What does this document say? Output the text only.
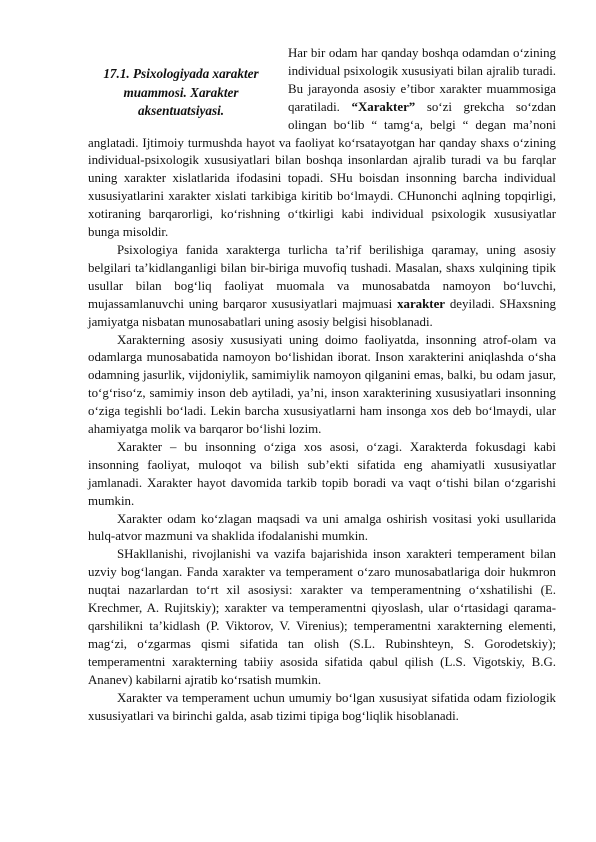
17.1. Psixologiyada xarakter muammosi. Xarakter aksentuatsiyasi.

Har bir odam har qanday boshqa odamdan o‘zining individual psixologik xususiyati bilan ajralib turadi. Bu jarayonda asosiy e’tibor xarakter muammosiga qaratiladi. “Xarakter” so‘zi grekcha so‘zdan olingan bo‘lib “ tamg‘a, belgi “ degan ma’noni anglatadi. Ijtimoiy turmushda hayot va faoliyat ko‘rsatayotgan har qanday shaxs o‘zining individual-psixologik xususiyatlari bilan boshqa insonlardan ajralib turadi va bu farqlar uning xarakter xislatlarida ifodasini topadi. SHu boisdan insonning barcha individual xususiyatlarini xarakter xislati tarkibiga kiritib bo‘lmaydi. CHunonchi aqlning topqirligi, xotiraning barqarorligi, ko‘rishning o‘tkirligi kabi individual psixologik xususiyatlar bunga misoldir.

Psixologiya fanida xarakterga turlicha ta’rif berilishiga qaramay, uning asosiy belgilari ta’kidlanganligi bilan bir-biriga muvofiq tushadi. Masalan, shaxs xulqining tipik usullar bilan bog‘liq faoliyat muomala va munosabatda namoyon bo‘luvchi, mujassamlanuvchi uning barqaror xususiyatlari majmuasi xarakter deyiladi. SHaxsning jamiyatga nisbatan munosabatlari uning asosiy belgisi hisoblanadi.

Xarakterning asosiy xususiyati uning doimo faoliyatda, insonning atrof-olam va odamlarga munosabatida namoyon bo‘lishidan iborat. Inson xarakterini aniqlashda o‘sha odamning jasurlik, vijdoniylik, samimiylik namoyon qilganini emas, balki, bu odam jasur, to‘g‘riso‘z, samimiy inson deb aytiladi, ya’ni, inson xarakterining xususiyatlari insonning o‘ziga tegishli bo‘ladi. Lekin barcha xususiyatlarni ham insonga xos deb bo‘lmaydi, ular ahamiyatga molik va barqaror bo‘lishi lozim.

Xarakter – bu insonning o‘ziga xos asosi, o‘zagi. Xarakterda fokusdagi kabi insonning faoliyat, muloqot va bilish sub’ekti sifatida eng ahamiyatli xususiyatlar jamlanadi. Xarakter hayot davomida tarkib topib boradi va vaqt o‘tishi bilan o‘zgarishi mumkin.

Xarakter odam ko‘zlagan maqsadi va uni amalga oshirish vositasi yoki usullarida hulq-atvor mazmuni va shaklida ifodalanishi mumkin.

SHakllanishi, rivojlanishi va vazifa bajarishida inson xarakteri temperament bilan uzviy bog‘langan. Fanda xarakter va temperament o‘zaro munosabatlariga doir hukmron nuqtai nazarlardan to‘rt xil asosiysi: xarakter va temperamentning o‘xshatilishi (E. Krechmer, A. Rujitskiy); xarakter va temperamentni qiyoslash, ular o‘rtasidagi qarama-qarshilikni ta’kidlash (P. Viktorov, V. Virenius); temperamentni xarakterning elementi, mag‘zi, o‘zgarmas qismi sifatida tan olish (S.L. Rubinshteyn, S. Gorodetskiy); temperamentni xarakterning tabiiy asosida sifatida qabul qilish (L.S. Vigotskiy, B.G. Ananev) kabilarni ajratib ko‘rsatish mumkin.

Xarakter va temperament uchun umumiy bo‘lgan xususiyat sifatida odam fiziologik xususiyatlari va birinchi galda, asab tizimi tipiga bog‘liqlik hisoblanadi.
